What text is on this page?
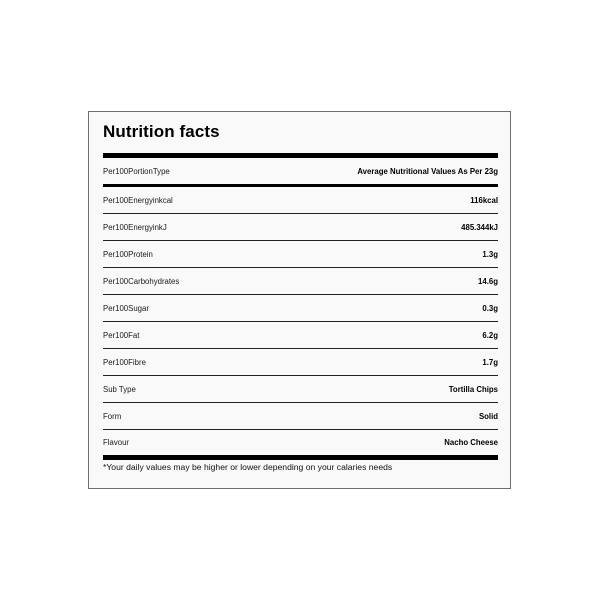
Nutrition facts
Per100PortionType	Average Nutritional Values As Per 23g
Per100Energyinkcal	116kcal
Per100EnergyinkJ	485.344kJ
Per100Protein	1.3g
Per100Carbohydrates	14.6g
Per100Sugar	0.3g
Per100Fat	6.2g
Per100Fibre	1.7g
Sub Type	Tortilla Chips
Form	Solid
Flavour	Nacho Cheese
*Your daily values may be higher or lower depending on your calaries needs
